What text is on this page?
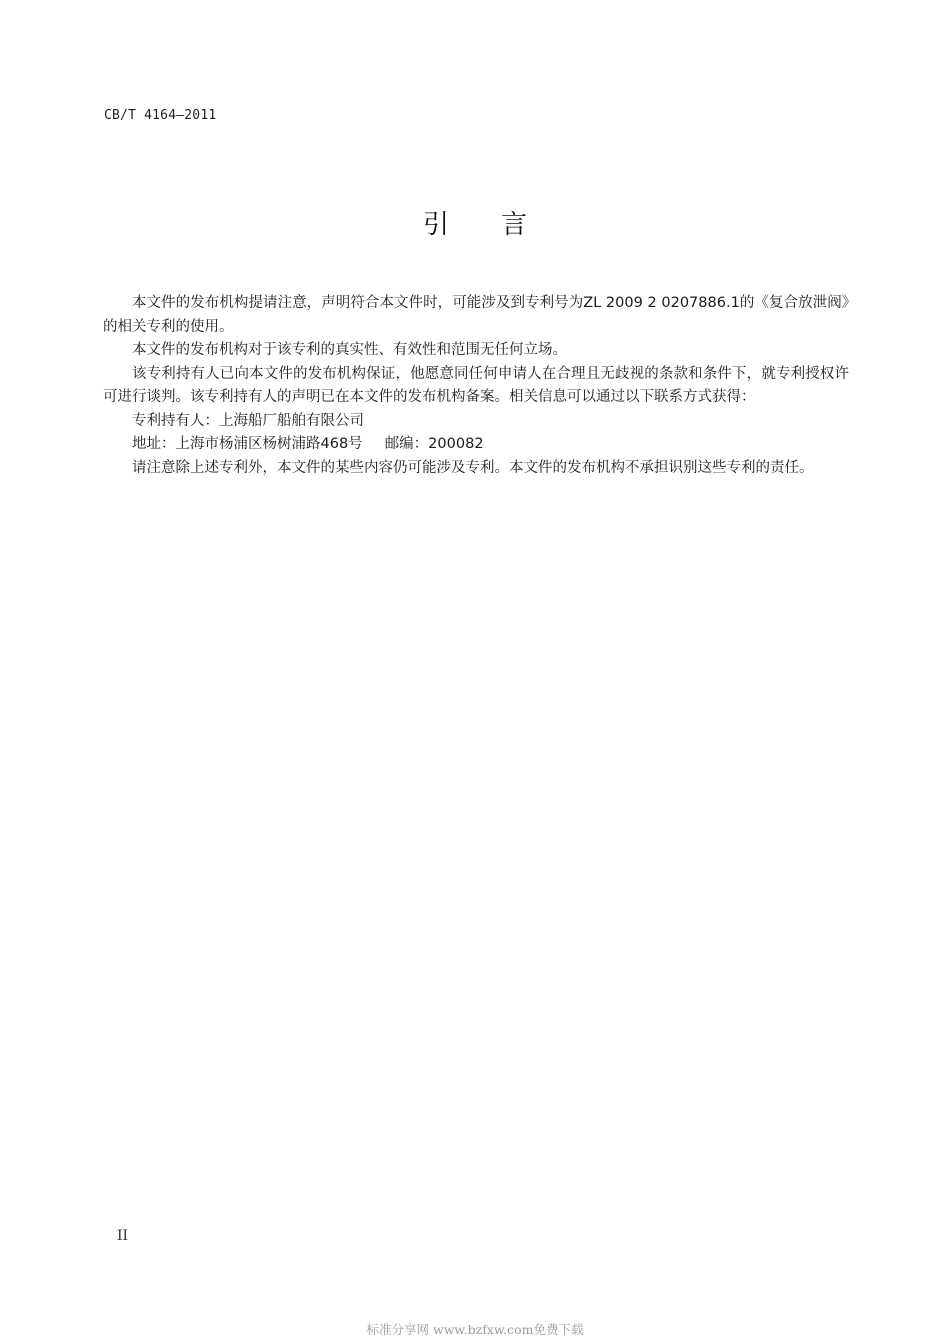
CB/T 4164—2011
引言

本文件的发布机构提请注意，声明符合本文件时，可能涉及到专利号为ZL 2009 2 0207886.1的《复合放泄阀》的相关专利的使用。

本文件的发布机构对于该专利的真实性、有效性和范围无任何立场。

该专利持有人已向本文件的发布机构保证，他愿意同任何申请人在合理且无歧视的条款和条件下，就专利授权许可进行谈判。该专利持有人的声明已在本文件的发布机构备案。相关信息可以通过以下联系方式获得：

专利持有人：上海船厂船舶有限公司

地址：上海市杨浦区杨树浦路468号 邮编：200082

请注意除上述专利外，本文件的某些内容仍可能涉及专利。本文件的发布机构不承担识别这些专利的责任。

II
标准分享网 www.bzfxw.com免费下载
